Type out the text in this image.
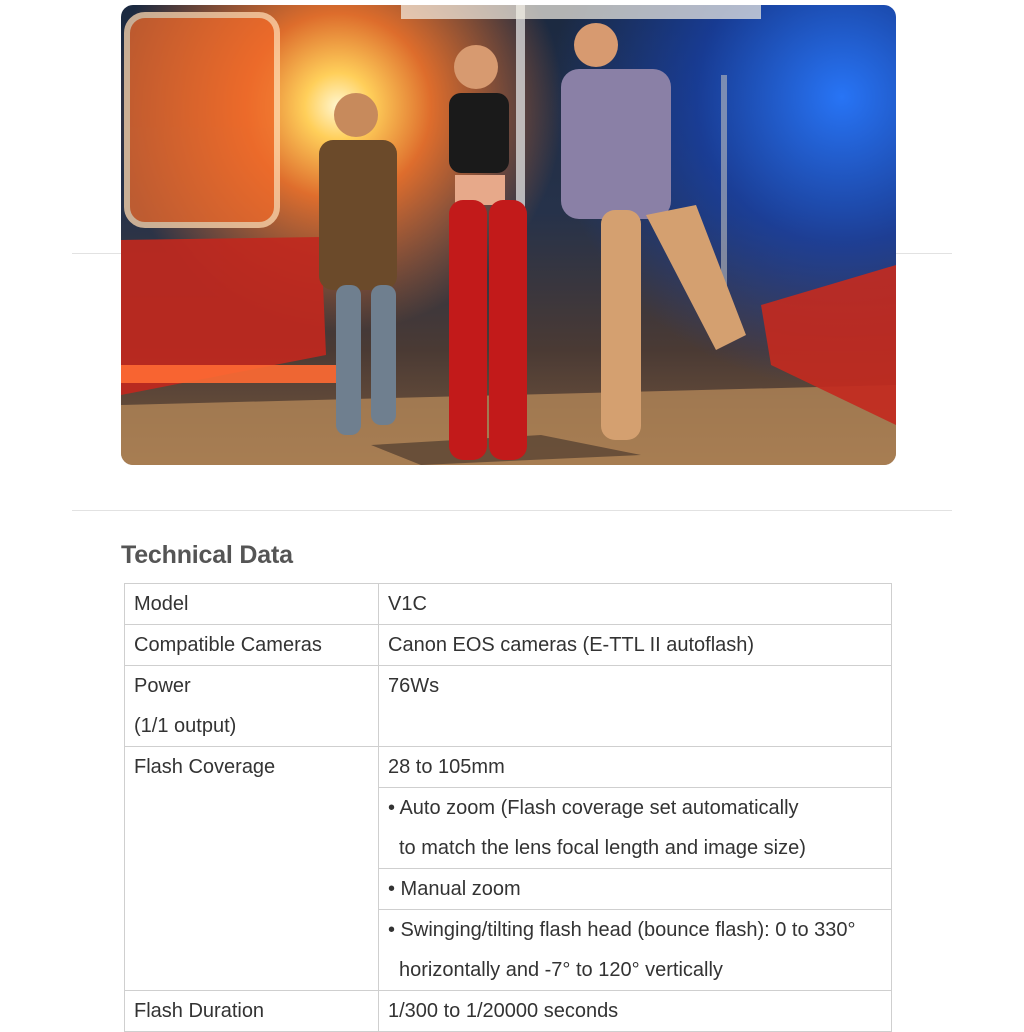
Technical Data
Model	V1C
Compatible Cameras	Canon EOS cameras (E-TTL II autoflash)

Power
(1/1 output)	76Ws
Flash Coverage	28 to 105mm

	• Auto zoom (Flash coverage set automatically
to match the lens focal length and image size)

	• Manual zoom

	• Swinging/tilting flash head (bounce flash): 0 to 330°
horizontally and -7° to 120° vertically

Flash Duration	1/300 to 1/20000 seconds
